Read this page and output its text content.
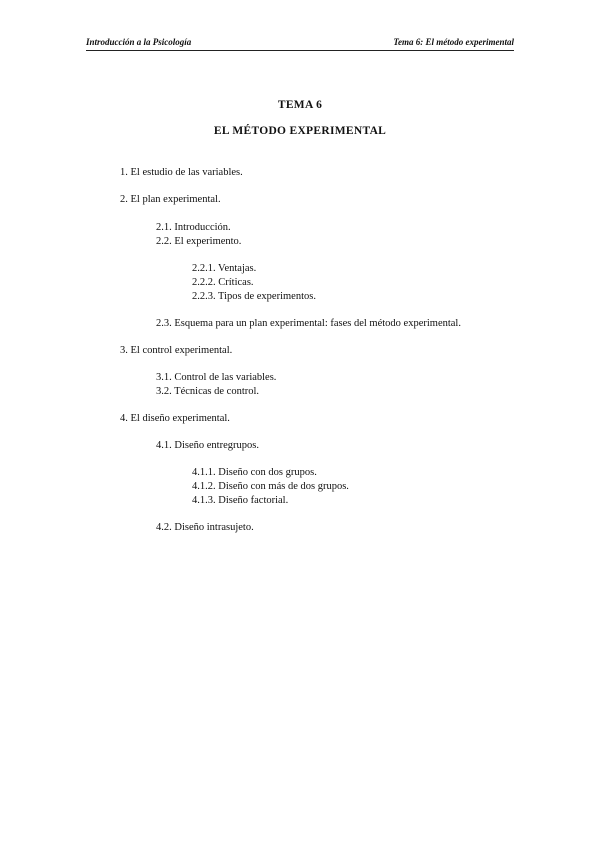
Introducción a la Psicología	Tema 6: El método experimental
TEMA 6
EL MÉTODO EXPERIMENTAL
1. El estudio de las variables.
2. El plan experimental.
2.1. Introducción.
2.2. El experimento.
2.2.1. Ventajas.
2.2.2. Críticas.
2.2.3. Tipos de experimentos.
2.3. Esquema para un plan experimental: fases del método experimental.
3. El control experimental.
3.1. Control de las variables.
3.2. Técnicas de control.
4. El diseño experimental.
4.1. Diseño entregrupos.
4.1.1. Diseño con dos grupos.
4.1.2. Diseño con más de dos grupos.
4.1.3. Diseño factorial.
4.2. Diseño intrasujeto.
